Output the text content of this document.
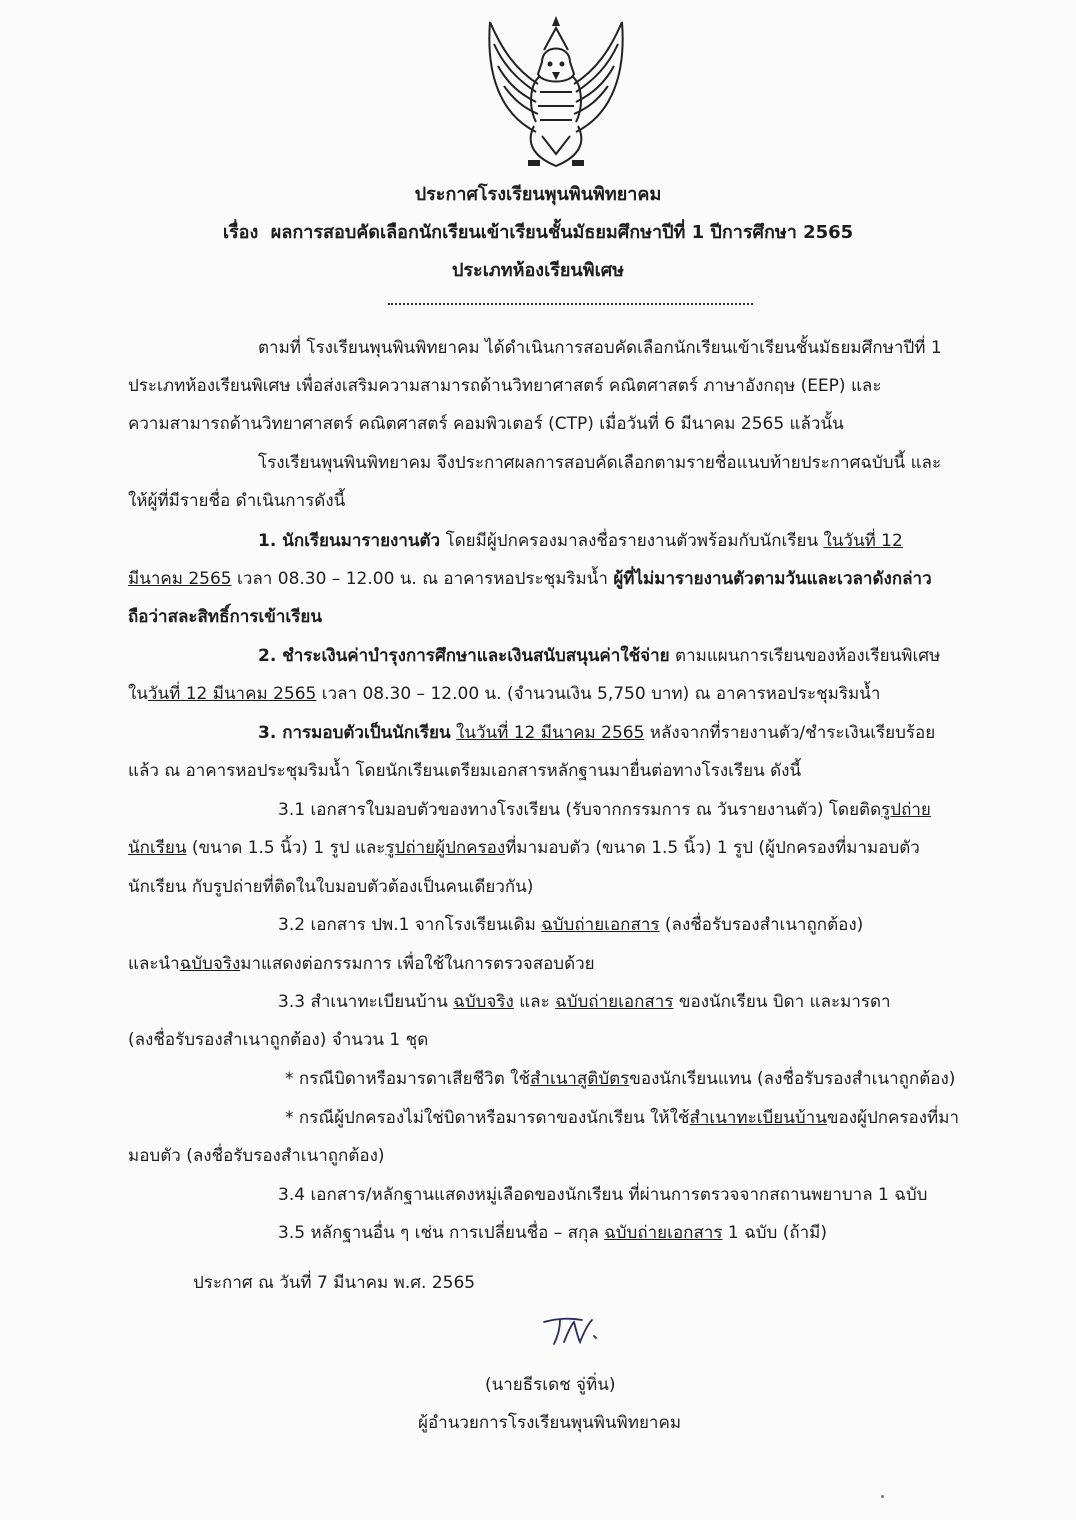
ประกาศโรงเรียนพุนพินพิทยาคม
เรื่อง ผลการสอบคัดเลือกนักเรียนเข้าเรียนชั้นมัธยมศึกษาปีที่ 1 ปีการศึกษา 2565
ประเภทห้องเรียนพิเศษ
ตามที่ โรงเรียนพุนพินพิทยาคม ได้ดำเนินการสอบคัดเลือกนักเรียนเข้าเรียนชั้นมัธยมศึกษาปีที่ 1
ประเภทห้องเรียนพิเศษ เพื่อส่งเสริมความสามารถด้านวิทยาศาสตร์ คณิตศาสตร์ ภาษาอังกฤษ (EEP) และ
ความสามารถด้านวิทยาศาสตร์ คณิตศาสตร์ คอมพิวเตอร์ (CTP) เมื่อวันที่ 6 มีนาคม 2565 แล้วนั้น
โรงเรียนพุนพินพิทยาคม จึงประกาศผลการสอบคัดเลือกตามรายชื่อแนบท้ายประกาศฉบับนี้ และ
ให้ผู้ที่มีรายชื่อ ดำเนินการดังนี้
1. นักเรียนมารายงานตัว โดยมีผู้ปกครองมาลงชื่อรายงานตัวพร้อมกับนักเรียน ในวันที่ 12
มีนาคม 2565 เวลา 08.30 – 12.00 น. ณ อาคารหอประชุมริมน้ำ ผู้ที่ไม่มารายงานตัวตามวันและเวลาดังกล่าว
ถือว่าสละสิทธิ์การเข้าเรียน
2. ชำระเงินค่าบำรุงการศึกษาและเงินสนับสนุนค่าใช้จ่าย ตามแผนการเรียนของห้องเรียนพิเศษ
ในวันที่ 12 มีนาคม 2565 เวลา 08.30 – 12.00 น. (จำนวนเงิน 5,750 บาท) ณ อาคารหอประชุมริมน้ำ
3. การมอบตัวเป็นนักเรียน ในวันที่ 12 มีนาคม 2565 หลังจากที่รายงานตัว/ชำระเงินเรียบร้อย
แล้ว ณ อาคารหอประชุมริมน้ำ โดยนักเรียนเตรียมเอกสารหลักฐานมายื่นต่อทางโรงเรียน ดังนี้
3.1 เอกสารใบมอบตัวของทางโรงเรียน (รับจากกรรมการ ณ วันรายงานตัว) โดยติดรูปถ่าย
นักเรียน (ขนาด 1.5 นิ้ว) 1 รูป และรูปถ่ายผู้ปกครองที่มามอบตัว (ขนาด 1.5 นิ้ว) 1 รูป (ผู้ปกครองที่มามอบตัว
นักเรียน กับรูปถ่ายที่ติดในใบมอบตัวต้องเป็นคนเดียวกัน)
3.2 เอกสาร ปพ.1 จากโรงเรียนเดิม ฉบับถ่ายเอกสาร (ลงชื่อรับรองสำเนาถูกต้อง)
และนำฉบับจริงมาแสดงต่อกรรมการ เพื่อใช้ในการตรวจสอบด้วย
3.3 สำเนาทะเบียนบ้าน ฉบับจริง และ ฉบับถ่ายเอกสาร ของนักเรียน บิดา และมารดา
(ลงชื่อรับรองสำเนาถูกต้อง) จำนวน 1 ชุด
* กรณีบิดาหรือมารดาเสียชีวิต ใช้สำเนาสูติบัตรของนักเรียนแทน (ลงชื่อรับรองสำเนาถูกต้อง)
* กรณีผู้ปกครองไม่ใช่บิดาหรือมารดาของนักเรียน ให้ใช้สำเนาทะเบียนบ้านของผู้ปกครองที่มา
มอบตัว (ลงชื่อรับรองสำเนาถูกต้อง)
3.4 เอกสาร/หลักฐานแสดงหมู่เลือดของนักเรียน ที่ผ่านการตรวจจากสถานพยาบาล 1 ฉบับ
3.5 หลักฐานอื่น ๆ เช่น การเปลี่ยนชื่อ – สกุล ฉบับถ่ายเอกสาร 1 ฉบับ (ถ้ามี)
ประกาศ ณ วันที่ 7 มีนาคม พ.ศ. 2565
(นายธีรเดช จู่ทิ่น)
ผู้อำนวยการโรงเรียนพุนพินพิทยาคม
